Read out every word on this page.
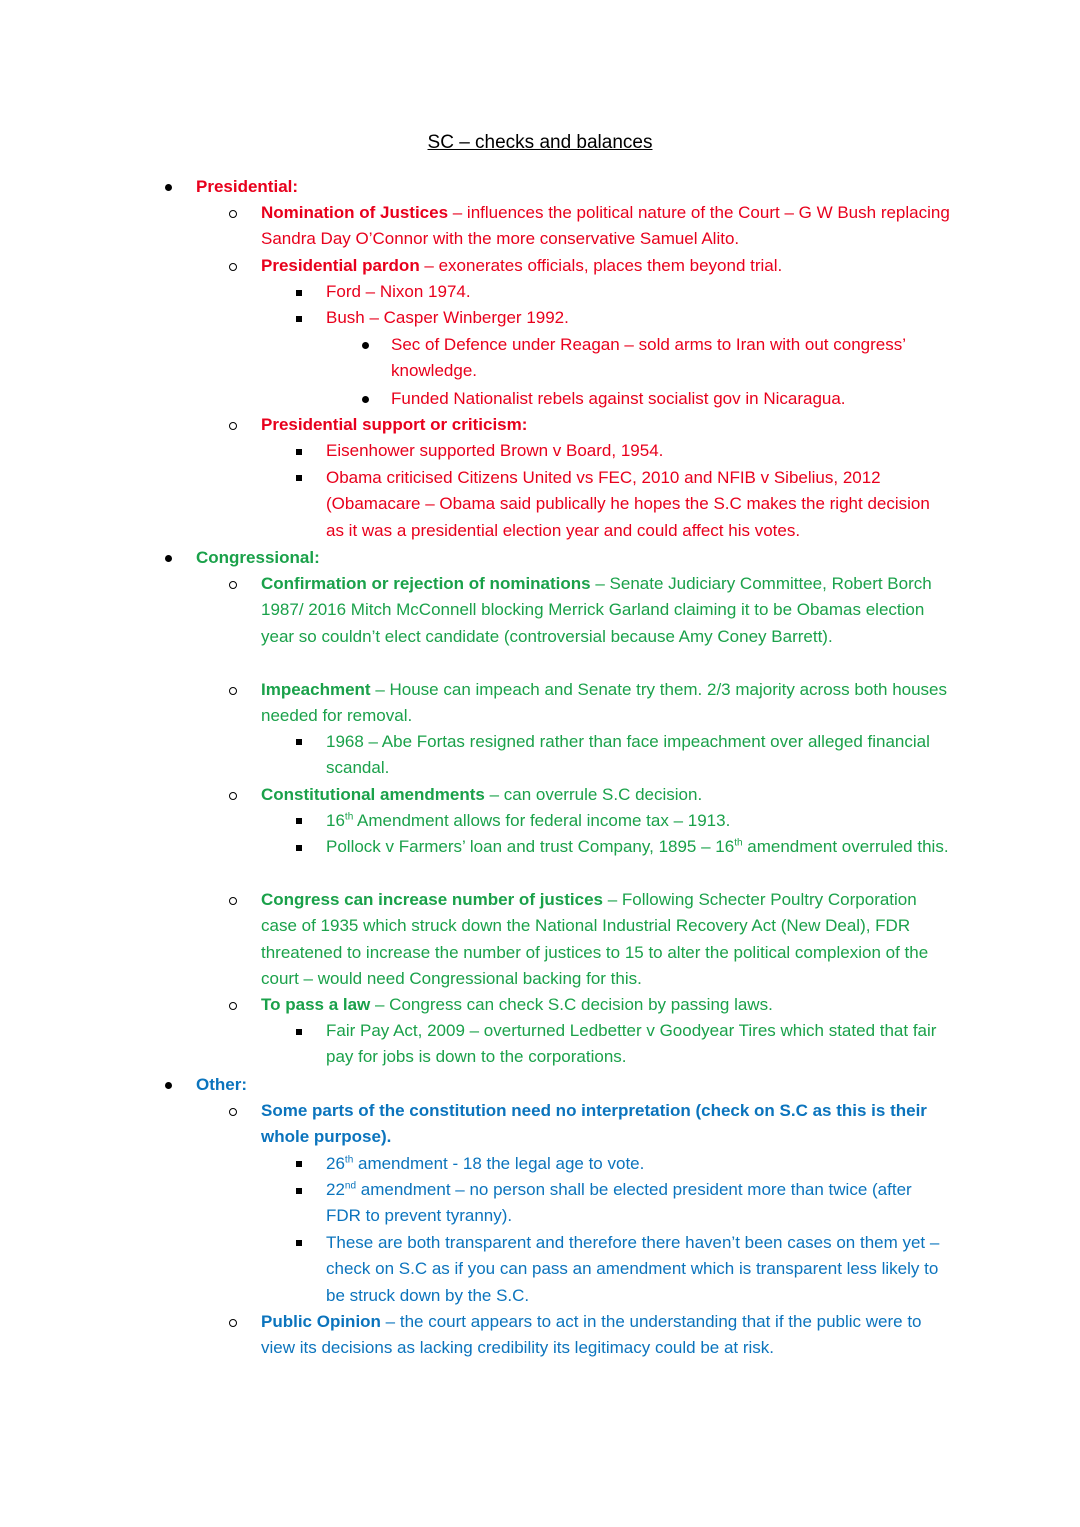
SC – checks and balances
Presidential:
Nomination of Justices – influences the political nature of the Court – G W Bush replacing Sandra Day O’Connor with the more conservative Samuel Alito.
Presidential pardon – exonerates officials, places them beyond trial.
Ford – Nixon 1974.
Bush – Casper Winberger 1992.
Sec of Defence under Reagan – sold arms to Iran with out congress’ knowledge.
Funded Nationalist rebels against socialist gov in Nicaragua.
Presidential support or criticism:
Eisenhower supported Brown v Board, 1954.
Obama criticised Citizens United vs FEC, 2010 and NFIB v Sibelius, 2012 (Obamacare – Obama said publically he hopes the S.C makes the right decision as it was a presidential election year and could affect his votes.
Congressional:
Confirmation or rejection of nominations – Senate Judiciary Committee, Robert Borch 1987/ 2016 Mitch McConnell blocking Merrick Garland claiming it to be Obamas election year so couldn’t elect candidate (controversial because Amy Coney Barrett).
Impeachment – House can impeach and Senate try them. 2/3 majority across both houses needed for removal.
1968 – Abe Fortas resigned rather than face impeachment over alleged financial scandal.
Constitutional amendments – can overrule S.C decision.
16th Amendment allows for federal income tax – 1913.
Pollock v Farmers’ loan and trust Company, 1895 – 16th amendment overruled this.
Congress can increase number of justices – Following Schecter Poultry Corporation case of 1935 which struck down the National Industrial Recovery Act (New Deal), FDR threatened to increase the number of justices to 15 to alter the political complexion of the court – would need Congressional backing for this.
To pass a law – Congress can check S.C decision by passing laws.
Fair Pay Act, 2009 – overturned Ledbetter v Goodyear Tires which stated that fair pay for jobs is down to the corporations.
Other:
Some parts of the constitution need no interpretation (check on S.C as this is their whole purpose).
26th amendment - 18 the legal age to vote.
22nd amendment – no person shall be elected president more than twice (after FDR to prevent tyranny).
These are both transparent and therefore there haven’t been cases on them yet – check on S.C as if you can pass an amendment which is transparent less likely to be struck down by the S.C.
Public Opinion – the court appears to act in the understanding that if the public were to view its decisions as lacking credibility its legitimacy could be at risk.
